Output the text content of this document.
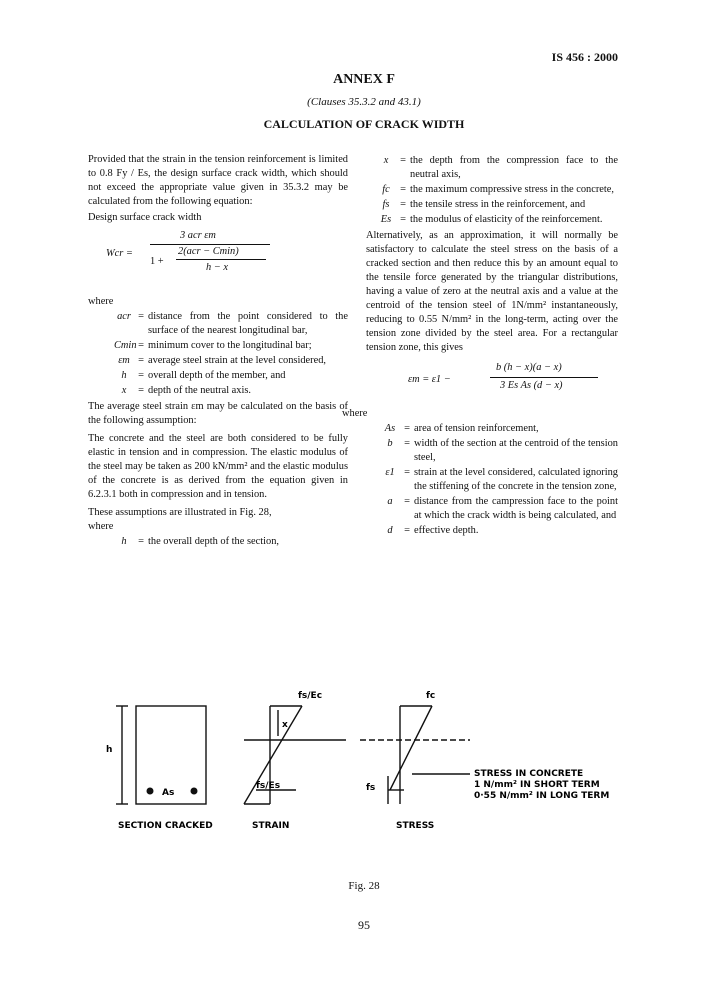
IS 456 : 2000
ANNEX F
(Clauses 35.3.2 and 43.1)
CALCULATION OF CRACK WIDTH

Provided that the strain in the tension reinforcement is limited to 0.8 Fy / Es, the design surface crack width, which should not exceed the appropriate value given in 35.3.2 may be calculated from the following equation:

Design surface crack width

Wcr =
3 acr εm
1 +
2(acr − Cmin)
h − x

where

acr = distance from the point considered to the surface of the nearest longitudinal bar,
Cmin = minimum cover to the longitudinal bar;
εm = average steel strain at the level considered,
h	= overall depth of the member, and
x	= depth of the neutral axis.

The average steel strain εm may be calculated on the basis of the following assumption:

The concrete and the steel are both considered to be fully elastic in tension and in compression. The elastic modulus of the steel may be taken as 200 kN/mm² and the elastic modulus of the concrete is as derived from the equation given in 6.2.3.1 both in compression and in tension.

These assumptions are illustrated in Fig. 28,

where

h	= the overall depth of the section,
x	= the depth from the compression face to the neutral axis,
fc = the maximum compressive stress in the concrete,
fs	= the tensile stress in the reinforcement, and
Es = the modulus of elasticity of the reinforcement.

Alternatively, as an approximation, it will normally be satisfactory to calculate the steel stress on the basis of a cracked section and then reduce this by an amount equal to the tensile force generated by the triangular distributions, having a value of zero at the neutral axis and a value at the centroid of the tension steel of 1N/mm² instantaneously, reducing to 0.55 N/mm² in the long-term, acting over the tension zone divided by the steel area. For a rectangular tension zone, this gives

εm = ε1 −
b (h − x)(a − x)
3 Es As (d − x)

where

As = area of tension reinforcement,
b	= width of the section at the centroid of the tension steel,
ε1 = strain at the level considered, calculated ignoring the stiffening of the concrete in the tension zone,
a	= distance from the campression face to the point at which the crack width is being calculated, and
d	= effective depth.
h
As
fs/Ec
x
fs/Es
STRAIN
fc
fs
STRESS IN CONCRETE
1 N/mm² IN SHORT TERM
0·55 N/mm² IN LONG TERM
STRESS
SECTION CRACKED
Fig. 28
95
